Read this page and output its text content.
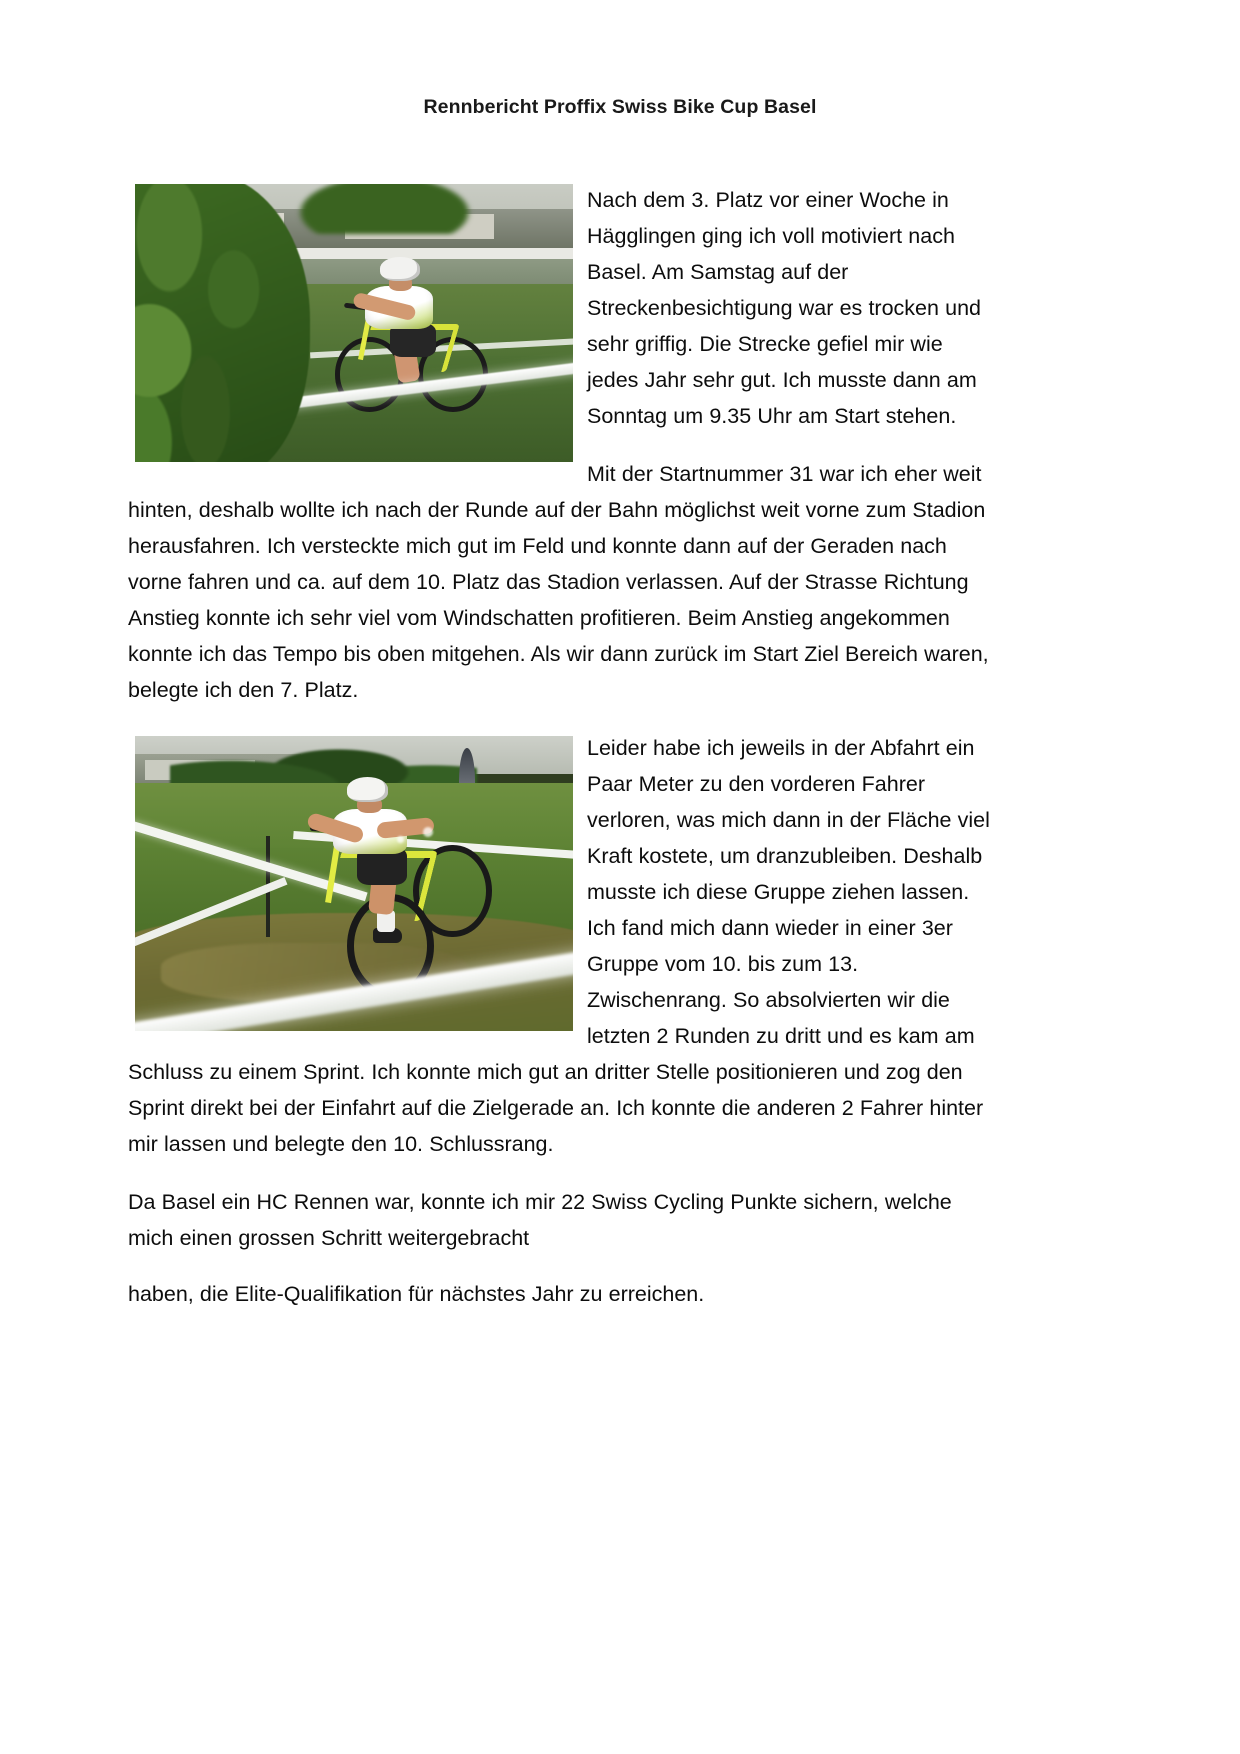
Rennbericht Proffix Swiss Bike Cup Basel

Nach dem 3. Platz vor einer Woche in Hägglingen ging ich voll motiviert nach Basel. Am Samstag auf der Streckenbesichtigung war es trocken und sehr griffig. Die Strecke gefiel mir wie jedes Jahr sehr gut. Ich musste dann am Sonntag um 9.35 Uhr am Start stehen.

Mit der Startnummer 31 war ich eher weit hinten, deshalb wollte ich nach der Runde auf der Bahn möglichst weit vorne zum Stadion herausfahren. Ich versteckte mich gut im Feld und konnte dann auf der Geraden nach vorne fahren und ca. auf dem 10. Platz das Stadion verlassen. Auf der Strasse Richtung Anstieg konnte ich sehr viel vom Windschatten profitieren. Beim Anstieg angekommen konnte ich das Tempo bis oben mitgehen. Als wir dann zurück im Start Ziel Bereich waren, belegte ich den 7. Platz.

Leider habe ich jeweils in der Abfahrt ein Paar Meter zu den vorderen Fahrer verloren, was mich dann in der Fläche viel Kraft kostete, um dranzubleiben. Deshalb musste ich diese Gruppe ziehen lassen. Ich fand mich dann wieder in einer 3er Gruppe vom 10. bis zum 13. Zwischenrang. So absolvierten wir die letzten 2 Runden zu dritt und es kam am Schluss zu einem Sprint. Ich konnte mich gut an dritter Stelle positionieren und zog den Sprint direkt bei der Einfahrt auf die Zielgerade an. Ich konnte die anderen 2 Fahrer hinter mir lassen und belegte den 10. Schlussrang.

Da Basel ein HC Rennen war, konnte ich mir 22 Swiss Cycling Punkte sichern, welche mich einen grossen Schritt weitergebracht

haben, die Elite-Qualifikation für nächstes Jahr zu erreichen.
